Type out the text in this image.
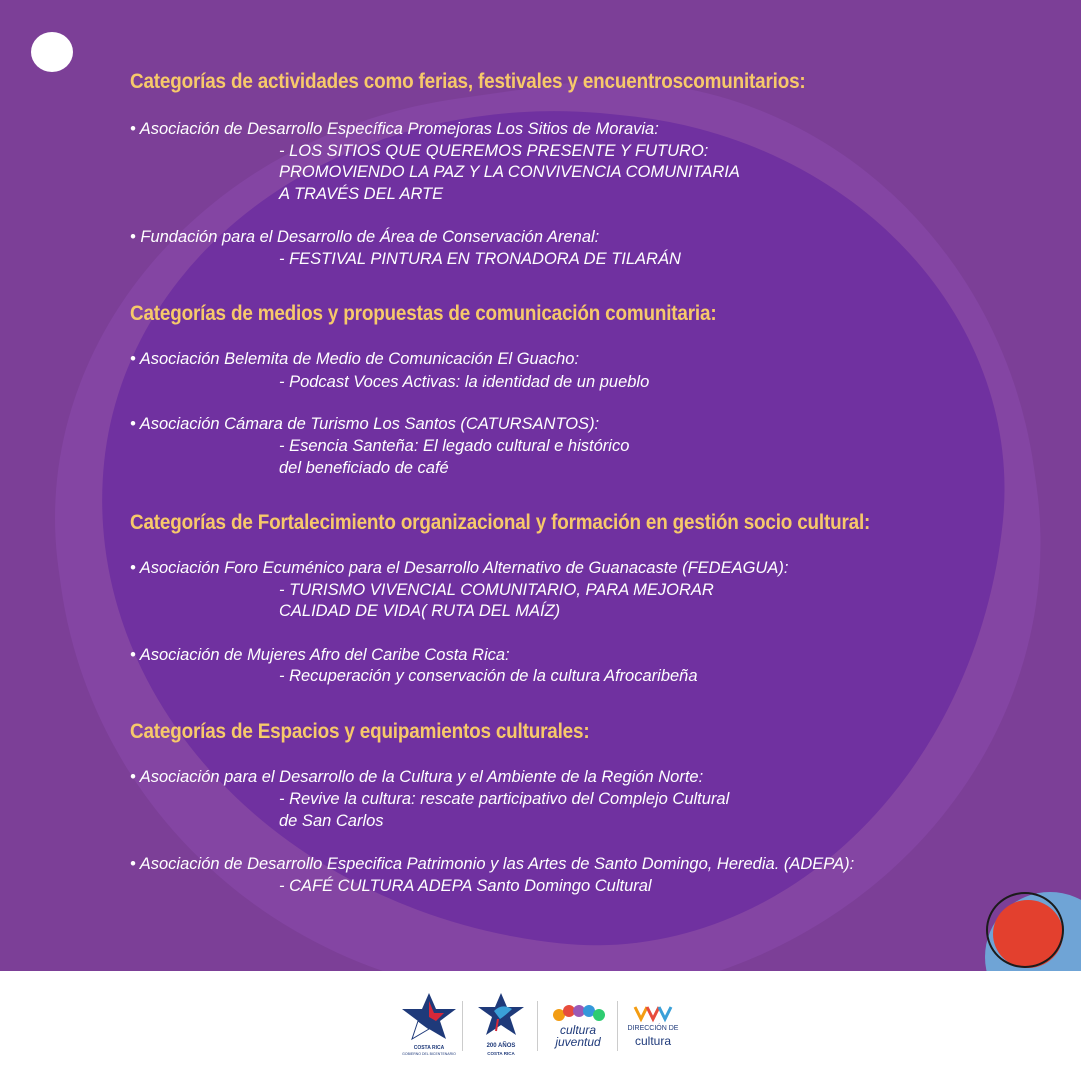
Categorías de actividades como ferias, festivales y encuentroscomunitarios:
• Asociación de Desarrollo Específica Promejoras Los Sitios de Moravia:
- LOS SITIOS QUE QUEREMOS PRESENTE Y FUTURO:
PROMOVIENDO LA PAZ Y LA CONVIVENCIA COMUNITARIA
A TRAVÉS DEL ARTE
• Fundación para el Desarrollo de Área de Conservación Arenal:
- FESTIVAL PINTURA EN TRONADORA DE TILARÁN
Categorías de medios y propuestas de comunicación comunitaria:
• Asociación Belemita de Medio de Comunicación El Guacho:
- Podcast Voces Activas: la identidad de un pueblo
• Asociación Cámara de Turismo Los Santos (CATURSANTOS):
- Esencia Santeña: El legado cultural e histórico
del beneficiado de café
Categorías de Fortalecimiento organizacional y formación en gestión socio cultural:
• Asociación Foro Ecuménico para el Desarrollo Alternativo de Guanacaste (FEDEAGUA):
- TURISMO VIVENCIAL COMUNITARIO, PARA MEJORAR
CALIDAD DE VIDA( RUTA DEL MAÍZ)
• Asociación de Mujeres Afro del Caribe Costa Rica:
- Recuperación y conservación de la cultura Afrocaribeña
Categorías de Espacios y equipamientos culturales:
• Asociación para el Desarrollo de la Cultura y el Ambiente de la Región Norte:
- Revive la cultura: rescate participativo del Complejo Cultural
de San Carlos
• Asociación de Desarrollo Especifica Patrimonio y las Artes de Santo Domingo, Heredia. (ADEPA):
- CAFÉ CULTURA ADEPA Santo Domingo Cultural
COSTA RICA
GOBIERNO DEL BICENTENARIO
200 AÑOS
COSTA RICA
cultura
juventud
DIRECCIÓN DE
cultura
